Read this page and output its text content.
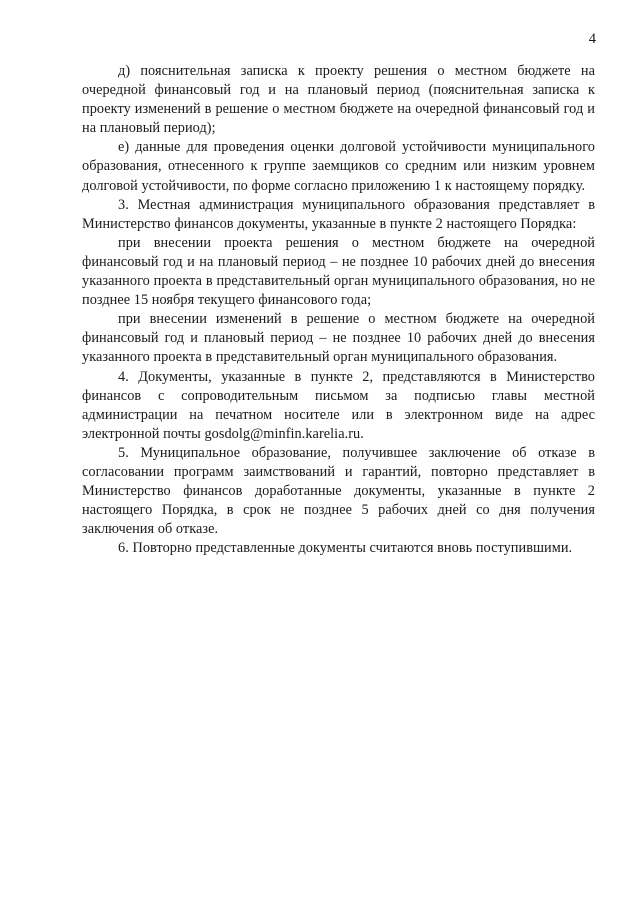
4

д) пояснительная записка к проекту решения о местном бюджете на очередной финансовый год и на плановый период (пояснительная записка к проекту изменений в решение о местном бюджете на очередной финансовый год и на плановый период);

е) данные для проведения оценки долговой устойчивости муниципального образования, отнесенного к группе заемщиков со средним или низким уровнем долговой устойчивости, по форме согласно приложению 1 к настоящему порядку.

3. Местная администрация муниципального образования представляет в Министерство финансов документы, указанные в пункте 2 настоящего Порядка:

при внесении проекта решения о местном бюджете на очередной финансовый год и на плановый период – не позднее 10 рабочих дней до внесения указанного проекта в представительный орган муниципального образования, но не позднее 15 ноября текущего финансового года;

при внесении изменений в решение о местном бюджете на очередной финансовый год и плановый период – не позднее 10 рабочих дней до внесения указанного проекта в представительный орган муниципального образования.

4. Документы, указанные в пункте 2, представляются в Министерство финансов с сопроводительным письмом за подписью главы местной администрации на печатном носителе или в электронном виде на адрес электронной почты gosdolg@minfin.karelia.ru.

5. Муниципальное образование, получившее заключение об отказе в согласовании программ заимствований и гарантий, повторно представляет в Министерство финансов доработанные документы, указанные в пункте 2 настоящего Порядка, в срок не позднее 5 рабочих дней со дня получения заключения об отказе.

6. Повторно представленные документы считаются вновь поступившими.
